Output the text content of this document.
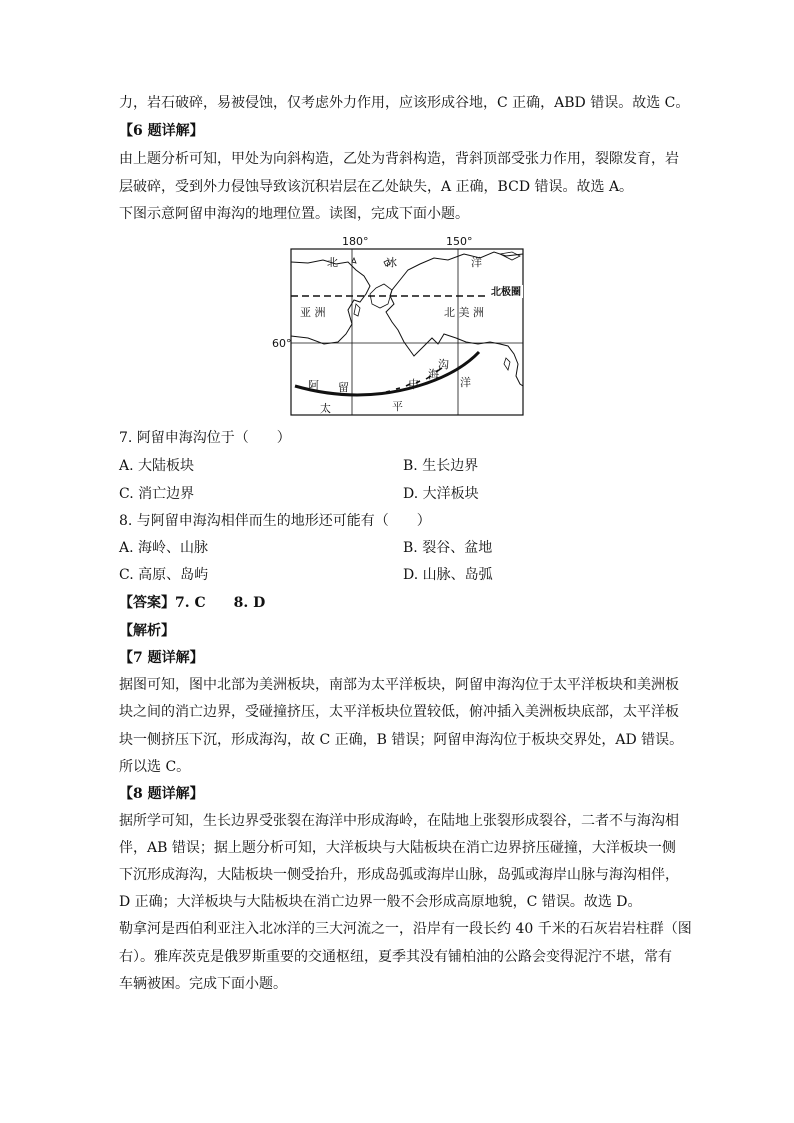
力，岩石破碎，易被侵蚀，仅考虑外力作用，应该形成谷地，C 正确，ABD 错误。故选 C。
【6 题详解】
由上题分析可知，甲处为向斜构造，乙处为背斜构造，背斜顶部受张力作用，裂隙发育，岩
层破碎，受到外力侵蚀导致该沉积岩层在乙处缺失，A 正确，BCD 错误。故选 A。
下图示意阿留申海沟的地理位置。读图，完成下面小题。
180°	150°
60°
北	冰	洋
北极圈
亚 洲	北 美 洲
阿 留	申
海
沟
洋
太	平
7. 阿留申海沟位于（　　）
A. 大陆板块	B. 生长边界
C. 消亡边界	D. 大洋板块
8. 与阿留申海沟相伴而生的地形还可能有（　　）
A. 海岭、山脉	B. 裂谷、盆地
C. 高原、岛屿	D. 山脉、岛弧
【答案】7. C　　8. D
【解析】
【7 题详解】
据图可知，图中北部为美洲板块，南部为太平洋板块，阿留申海沟位于太平洋板块和美洲板
块之间的消亡边界，受碰撞挤压，太平洋板块位置较低，俯冲插入美洲板块底部，太平洋板
块一侧挤压下沉，形成海沟，故 C 正确，B 错误；阿留申海沟位于板块交界处，AD 错误。
所以选 C。
【8 题详解】
据所学可知，生长边界受张裂在海洋中形成海岭，在陆地上张裂形成裂谷，二者不与海沟相
伴，AB 错误；据上题分析可知，大洋板块与大陆板块在消亡边界挤压碰撞，大洋板块一侧
下沉形成海沟，大陆板块一侧受抬升，形成岛弧或海岸山脉，岛弧或海岸山脉与海沟相伴，
D 正确；大洋板块与大陆板块在消亡边界一般不会形成高原地貌，C 错误。故选 D。
勒拿河是西伯利亚注入北冰洋的三大河流之一，沿岸有一段长约 40 千米的石灰岩岩柱群（图
右）。雅库茨克是俄罗斯重要的交通枢纽，夏季其没有铺柏油的公路会变得泥泞不堪，常有
车辆被困。完成下面小题。
